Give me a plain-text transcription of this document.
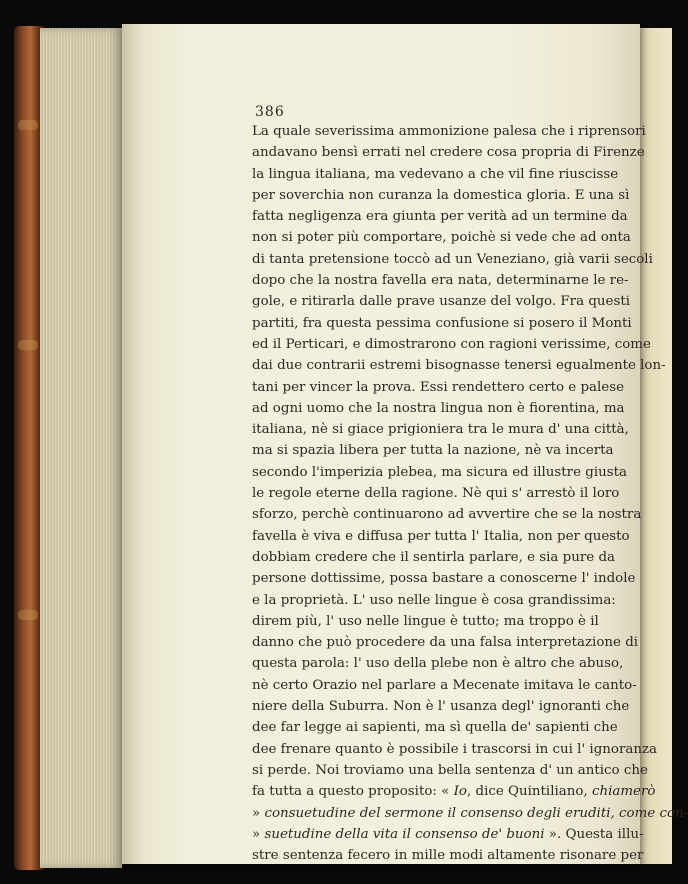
386
La quale severissima ammonizione palesa che i riprensori
andavano bensì errati nel credere cosa propria di Firenze
la lingua italiana, ma vedevano a che vil fine riuscisse
per soverchia non curanza la domestica gloria. E una sì
fatta negligenza era giunta per verità ad un termine da
non si poter più comportare, poichè si vede che ad onta
di tanta pretensione toccò ad un Veneziano, già varii secoli
dopo che la nostra favella era nata, determinarne le re-
gole, e ritirarla dalle prave usanze del volgo. Fra questi
partiti, fra questa pessima confusione si posero il Monti
ed il Perticari, e dimostrarono con ragioni verissime, come
dai due contrarii estremi bisognasse tenersi egualmente lon-
tani per vincer la prova. Essi rendettero certo e palese
ad ogni uomo che la nostra lingua non è fiorentina, ma
italiana, nè si giace prigioniera tra le mura d' una città,
ma si spazia libera per tutta la nazione, nè va incerta
secondo l'imperizia plebea, ma sicura ed illustre giusta
le regole eterne della ragione. Nè qui s' arrestò il loro
sforzo, perchè continuarono ad avvertire che se la nostra
favella è viva e diffusa per tutta l' Italia, non per questo
dobbiam credere che il sentirla parlare, e sia pure da
persone dottissime, possa bastare a conoscerne l' indole
e la proprietà. L' uso nelle lingue è cosa grandissima:
direm più, l' uso nelle lingue è tutto; ma troppo è il
danno che può procedere da una falsa interpretazione di
questa parola: l' uso della plebe non è altro che abuso,
nè certo Orazio nel parlare a Mecenate imitava le canto-
niere della Suburra. Non è l' usanza degl' ignoranti che
dee far legge ai sapienti, ma sì quella de' sapienti che
dee frenare quanto è possibile i trascorsi in cui l' ignoranza
si perde. Noi troviamo una bella sentenza d' un antico che
fa tutta a questo proposito: « Io, dice Quintiliano, chiamerò
» consuetudine del sermone il consenso degli eruditi, come con-
» suetudine della vita il consenso de' buoni ». Questa illu-
stre sentenza fecero in mille modi altamente risonare per
